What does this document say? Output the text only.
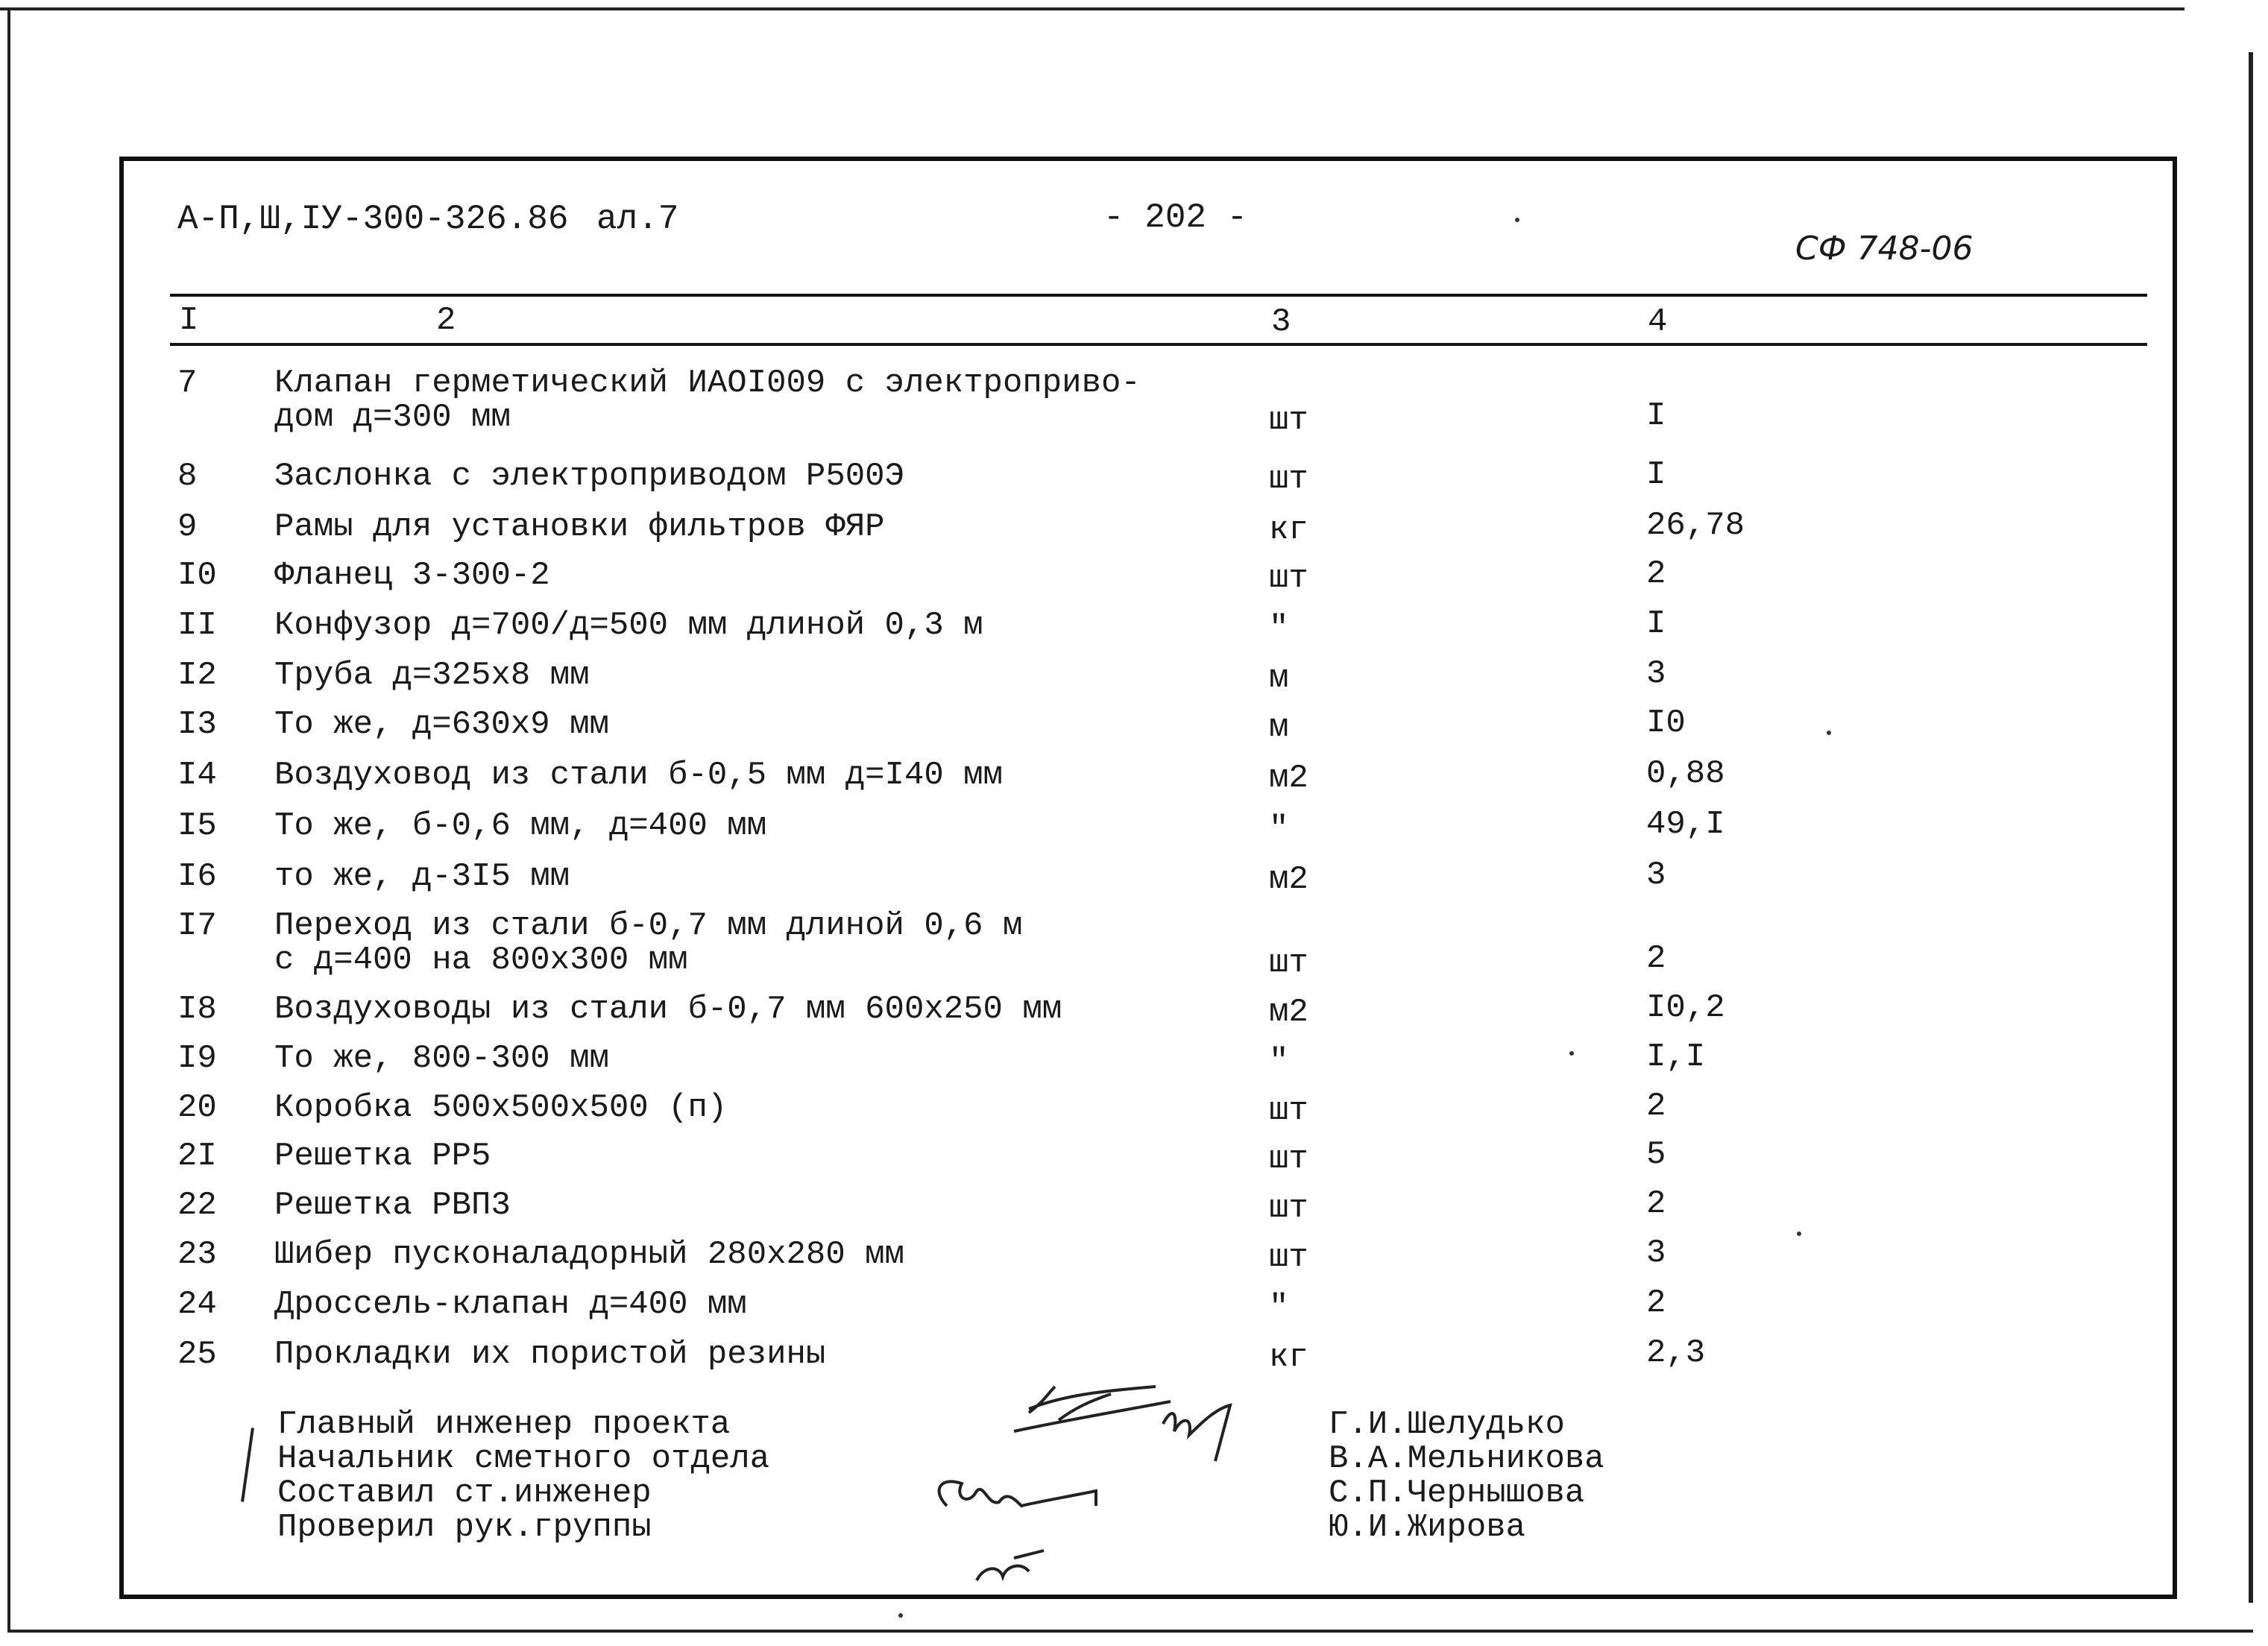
А-П,Ш,IУ-300-326.86 ал.7	- 202 -
СФ 748-06
I	2	3	4
7 Клапан герметический ИАОI009 с электроприво-
дом д=300 мм	шт	I
8 Заслонка с электроприводом Р500Э	шт	I
9 Рамы для установки фильтров ФЯР	кг	26,78
I0 Фланец 3-300-2	шт	2
II Конфузор д=700/д=500 мм длиной 0,3 м	"	I
I2 Труба д=325х8 мм	м	3
I3 То же, д=630х9 мм	м	I0
I4 Воздуховод из стали б-0,5 мм д=I40 мм	м2	0,88
I5 То же, б-0,6 мм, д=400 мм	"	49,I
I6 то же, д-3I5 мм	м2	3
I7 Переход из стали б-0,7 мм длиной 0,6 м
с д=400 на 800х300 мм	шт	2
I8 Воздуховоды из стали б-0,7 мм 600х250 мм	м2	I0,2
I9 То же, 800-300 мм	"	I,I
20 Коробка 500х500х500 (п)	шт	2
2I Решетка РР5	шт	5
22 Решетка РВП3	шт	2
23 Шибер пусконаладорный 280х280 мм	шт	3
24 Дроссель-клапан д=400 мм	"	2
25 Прокладки их пористой резины	кг	2,3
Главный инженер проекта	Г.И.Шелудько
Начальник сметного отдела	В.А.Мельникова
Составил ст.инженер	С.П.Чернышова
Проверил рук.группы	Ю.И.Жирова
